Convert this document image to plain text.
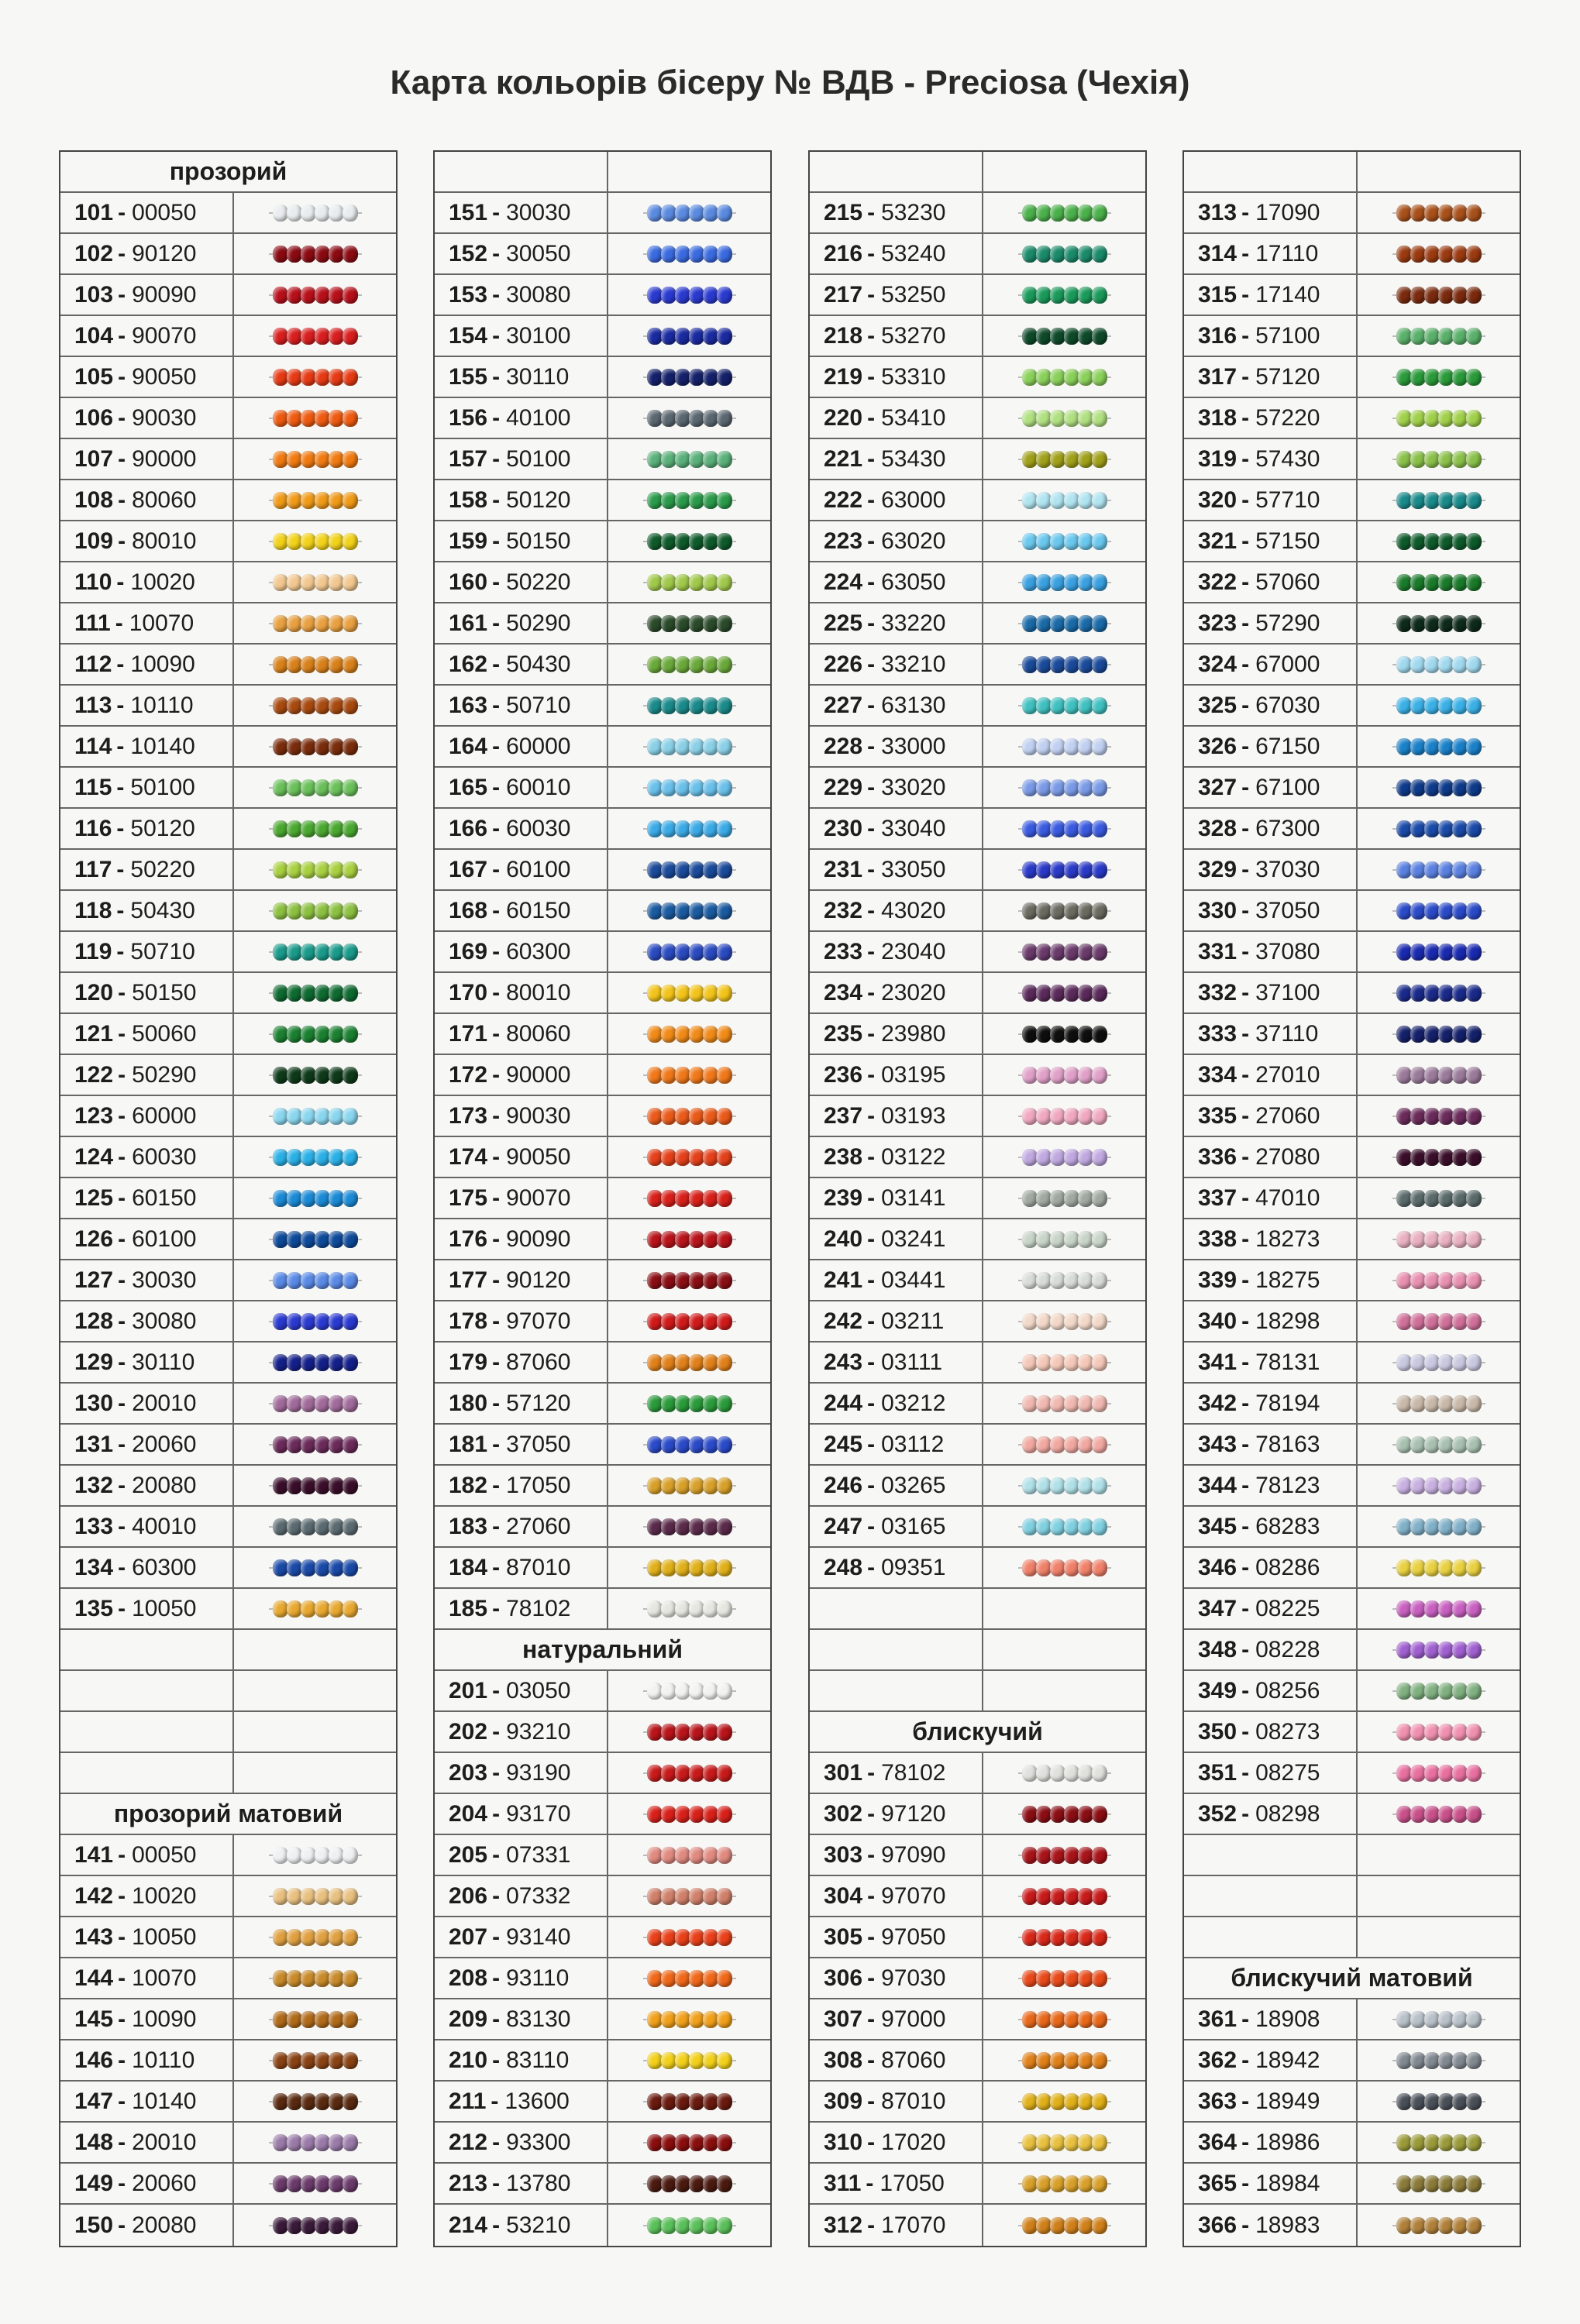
Карта кольорів бісеру № ВДВ - Preciosa (Чехія)
прозорий
101 - 00050
102 - 90120
103 - 90090
104 - 90070
105 - 90050
106 - 90030
107 - 90000
108 - 80060
109 - 80010
110 - 10020
111 - 10070
112 - 10090
113 - 10110
114 - 10140
115 - 50100
116 - 50120
117 - 50220
118 - 50430
119 - 50710
120 - 50150
121 - 50060
122 - 50290
123 - 60000
124 - 60030
125 - 60150
126 - 60100
127 - 30030
128 - 30080
129 - 30110
130 - 20010
131 - 20060
132 - 20080
133 - 40010
134 - 60300
135 - 10050
прозорий матовий
141 - 00050
142 - 10020
143 - 10050
144 - 10070
145 - 10090
146 - 10110
147 - 10140
148 - 20010
149 - 20060
150 - 20080
151 - 30030
152 - 30050
153 - 30080
154 - 30100
155 - 30110
156 - 40100
157 - 50100
158 - 50120
159 - 50150
160 - 50220
161 - 50290
162 - 50430
163 - 50710
164 - 60000
165 - 60010
166 - 60030
167 - 60100
168 - 60150
169 - 60300
170 - 80010
171 - 80060
172 - 90000
173 - 90030
174 - 90050
175 - 90070
176 - 90090
177 - 90120
178 - 97070
179 - 87060
180 - 57120
181 - 37050
182 - 17050
183 - 27060
184 - 87010
185 - 78102
натуральний
201 - 03050
202 - 93210
203 - 93190
204 - 93170
205 - 07331
206 - 07332
207 - 93140
208 - 93110
209 - 83130
210 - 83110
211 - 13600
212 - 93300
213 - 13780
214 - 53210
215 - 53230
216 - 53240
217 - 53250
218 - 53270
219 - 53310
220 - 53410
221 - 53430
222 - 63000
223 - 63020
224 - 63050
225 - 33220
226 - 33210
227 - 63130
228 - 33000
229 - 33020
230 - 33040
231 - 33050
232 - 43020
233 - 23040
234 - 23020
235 - 23980
236 - 03195
237 - 03193
238 - 03122
239 - 03141
240 - 03241
241 - 03441
242 - 03211
243 - 03111
244 - 03212
245 - 03112
246 - 03265
247 - 03165
248 - 09351
блискучий
301 - 78102
302 - 97120
303 - 97090
304 - 97070
305 - 97050
306 - 97030
307 - 97000
308 - 87060
309 - 87010
310 - 17020
311 - 17050
312 - 17070
313 - 17090
314 - 17110
315 - 17140
316 - 57100
317 - 57120
318 - 57220
319 - 57430
320 - 57710
321 - 57150
322 - 57060
323 - 57290
324 - 67000
325 - 67030
326 - 67150
327 - 67100
328 - 67300
329 - 37030
330 - 37050
331 - 37080
332 - 37100
333 - 37110
334 - 27010
335 - 27060
336 - 27080
337 - 47010
338 - 18273
339 - 18275
340 - 18298
341 - 78131
342 - 78194
343 - 78163
344 - 78123
345 - 68283
346 - 08286
347 - 08225
348 - 08228
349 - 08256
350 - 08273
351 - 08275
352 - 08298
блискучий матовий
361 - 18908
362 - 18942
363 - 18949
364 - 18986
365 - 18984
366 - 18983
